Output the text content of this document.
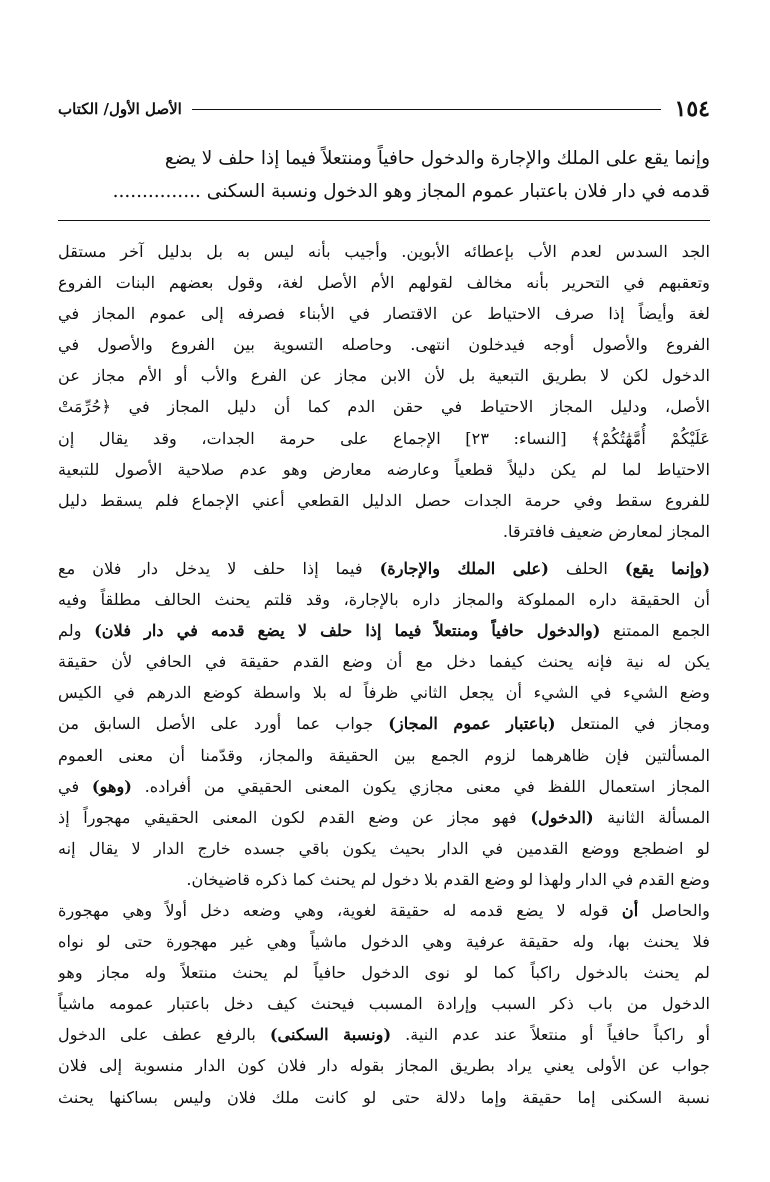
١٥٤
الأصل الأول/ الكتاب
وإنما يقع على الملك والإجارة والدخول حافياً ومنتعلاً فيما إذا حلف لا يضع
قدمه في دار فلان باعتبار عموم المجاز وهو الدخول ونسبة السكنى ...............
الجد السدس لعدم الأب بإعطائه الأبوين. وأجيب بأنه ليس به بل بدليل آخر مستقل
وتعقبهم في التحرير بأنه مخالف لقولهم الأم الأصل لغة، وقول بعضهم البنات الفروع
لغة وأيضاً إذا صرف الاحتياط عن الاقتصار في الأبناء فصرفه إلى عموم المجاز في
الفروع والأصول أوجه فيدخلون انتهى. وحاصله التسوية بين الفروع والأصول في
الدخول لكن لا بطريق التبعية بل لأن الابن مجاز عن الفرع والأب أو الأم مجاز عن
الأصل، ودليل المجاز الاحتياط في حقن الدم كما أن دليل المجاز في ﴿حُرِّمَتْ
عَلَيْكُمْ أُمَّهَٰتُكُمْ﴾ [النساء: ٢٣] الإجماع على حرمة الجدات، وقد يقال إن
الاحتياط لما لم يكن دليلاً قطعياً وعارضه معارض وهو عدم صلاحية الأصول للتبعية
للفروع سقط وفي حرمة الجدات حصل الدليل القطعي أعني الإجماع فلم يسقط دليل
المجاز لمعارض ضعيف فافترقا.
(وإنما يقع) الحلف (على الملك والإجارة) فيما إذا حلف لا يدخل دار فلان مع
أن الحقيقة داره المملوكة والمجاز داره بالإجارة، وقد قلتم يحنث الحالف مطلقاً وفيه
الجمع الممتنع (والدخول حافياً ومنتعلاً فيما إذا حلف لا يضع قدمه في دار فلان) ولم
يكن له نية فإنه يحنث كيفما دخل مع أن وضع القدم حقيقة في الحافي لأن حقيقة
وضع الشيء في الشيء أن يجعل الثاني ظرفاً له بلا واسطة كوضع الدرهم في الكيس
ومجاز في المنتعل (باعتبار عموم المجاز) جواب عما أورد على الأصل السابق من
المسألتين فإن ظاهرهما لزوم الجمع بين الحقيقة والمجاز، وقدّمنا أن معنى العموم
المجاز استعمال اللفظ في معنى مجازي يكون المعنى الحقيقي من أفراده. (وهو) في
المسألة الثانية (الدخول) فهو مجاز عن وضع القدم لكون المعنى الحقيقي مهجوراً إذ
لو اضطجع ووضع القدمين في الدار بحيث يكون باقي جسده خارج الدار لا يقال إنه
وضع القدم في الدار ولهذا لو وضع القدم بلا دخول لم يحنث كما ذكره قاضيخان.
والحاصل أن قوله لا يضع قدمه له حقيقة لغوية، وهي وضعه دخل أولاً وهي مهجورة
فلا يحنث بها، وله حقيقة عرفية وهي الدخول ماشياً وهي غير مهجورة حتى لو نواه
لم يحنث بالدخول راكباً كما لو نوى الدخول حافياً لم يحنث منتعلاً وله مجاز وهو
الدخول من باب ذكر السبب وإرادة المسبب فيحنث كيف دخل باعتبار عمومه ماشياً
أو راكباً حافياً أو منتعلاً عند عدم النية. (ونسبة السكنى) بالرفع عطف على الدخول
جواب عن الأولى يعني يراد بطريق المجاز بقوله دار فلان كون الدار منسوبة إلى فلان
نسبة السكنى إما حقيقة وإما دلالة حتى لو كانت ملك فلان وليس بساكنها يحنث
